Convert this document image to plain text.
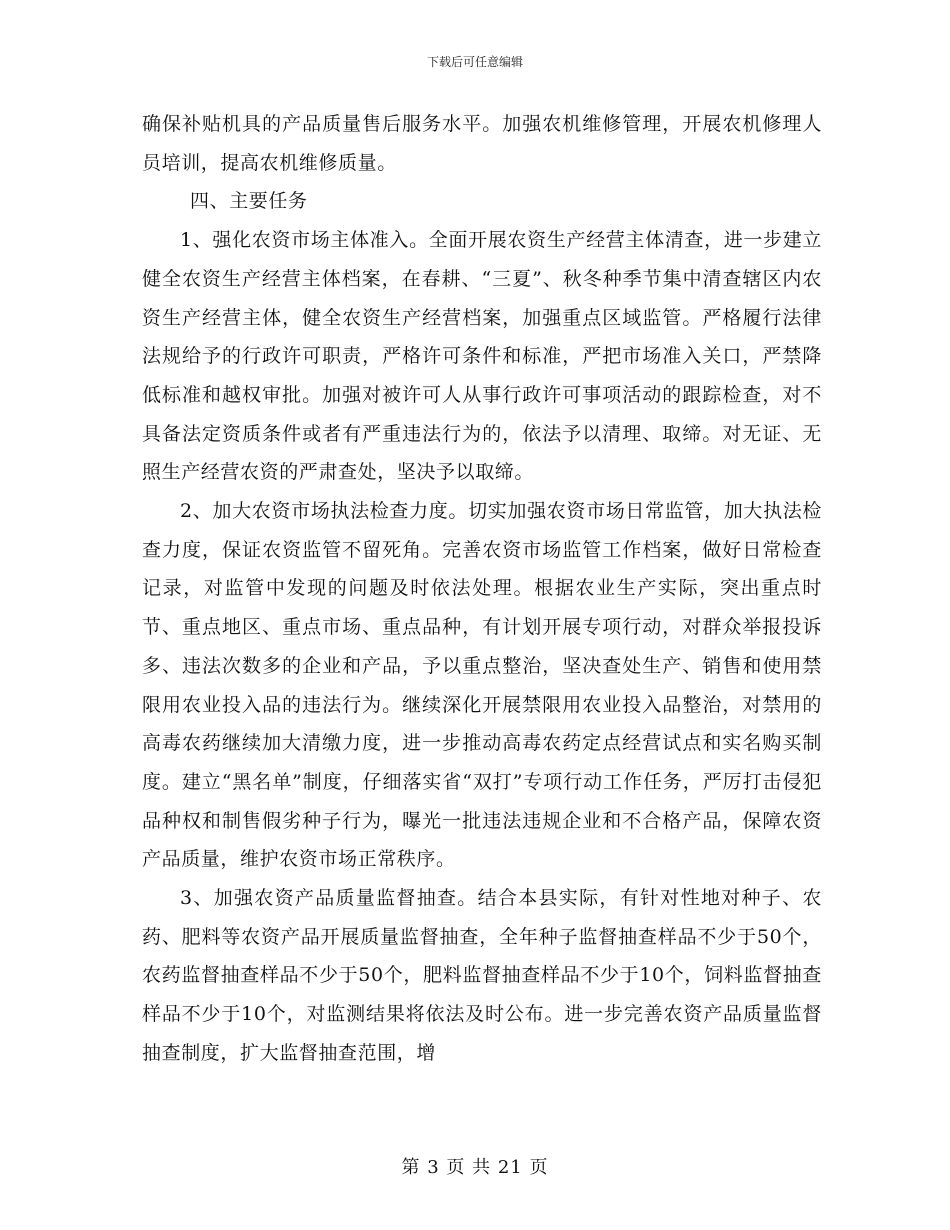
下载后可任意编辑

确保补贴机具的产品质量售后服务水平。加强农机维修管理，开展农机修理人员培训，提高农机维修质量。

四、主要任务

1、强化农资市场主体准入。全面开展农资生产经营主体清查，进一步建立健全农资生产经营主体档案，在春耕、“三夏”、秋冬种季节集中清查辖区内农资生产经营主体，健全农资生产经营档案，加强重点区域监管。严格履行法律法规给予的行政许可职责，严格许可条件和标准，严把市场准入关口，严禁降低标准和越权审批。加强对被许可人从事行政许可事项活动的跟踪检查，对不具备法定资质条件或者有严重违法行为的，依法予以清理、取缔。对无证、无照生产经营农资的严肃查处，坚决予以取缔。

2、加大农资市场执法检查力度。切实加强农资市场日常监管，加大执法检查力度，保证农资监管不留死角。完善农资市场监管工作档案，做好日常检查记录，对监管中发现的问题及时依法处理。根据农业生产实际，突出重点时节、重点地区、重点市场、重点品种，有计划开展专项行动，对群众举报投诉多、违法次数多的企业和产品，予以重点整治，坚决查处生产、销售和使用禁限用农业投入品的违法行为。继续深化开展禁限用农业投入品整治，对禁用的高毒农药继续加大清缴力度，进一步推动高毒农药定点经营试点和实名购买制度。建立“黑名单”制度，仔细落实省“双打”专项行动工作任务，严厉打击侵犯品种权和制售假劣种子行为，曝光一批违法违规企业和不合格产品，保障农资产品质量，维护农资市场正常秩序。

3、加强农资产品质量监督抽查。结合本县实际，有针对性地对种子、农药、肥料等农资产品开展质量监督抽查，全年种子监督抽查样品不少于50个，农药监督抽查样品不少于50个，肥料监督抽查样品不少于10个，饲料监督抽查样品不少于10个，对监测结果将依法及时公布。进一步完善农资产品质量监督抽查制度，扩大监督抽查范围，增

第 3 页 共 21 页
